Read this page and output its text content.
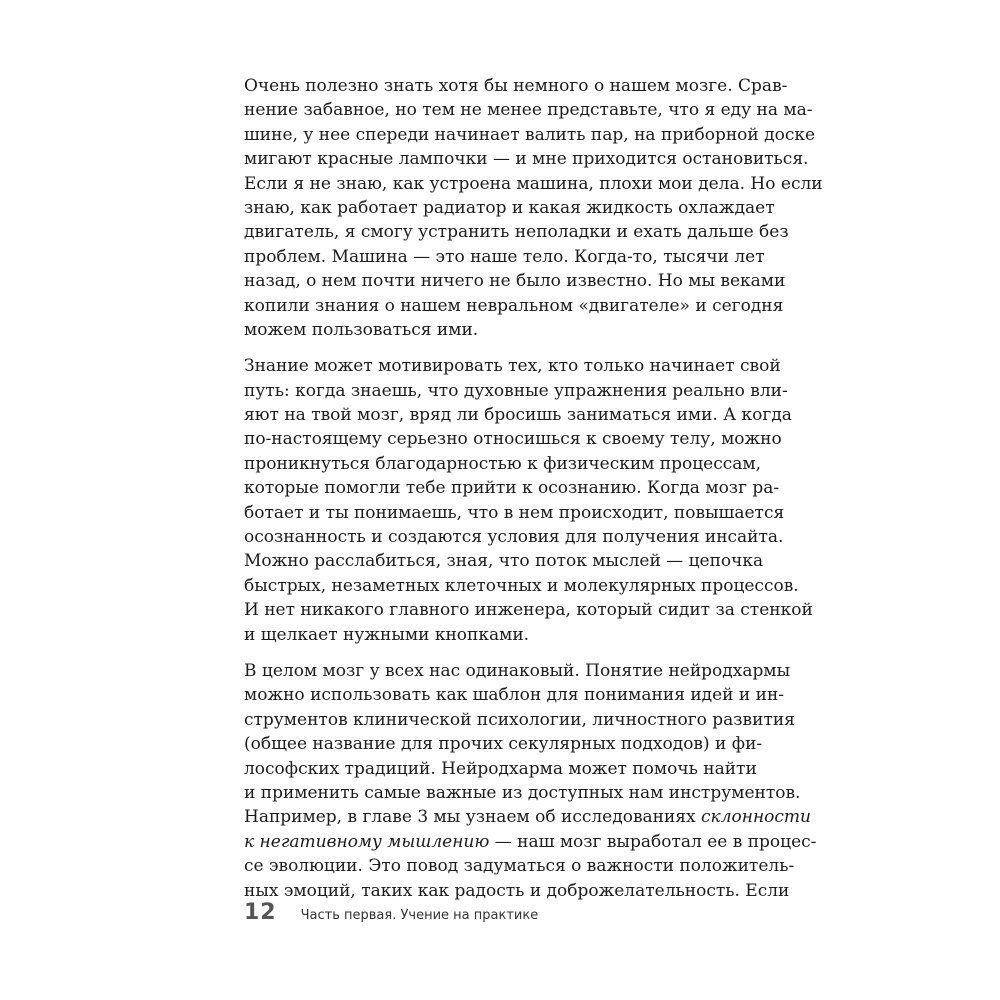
Очень полезно знать хотя бы немного о нашем мозге. Срав-
нение забавное, но тем не менее представьте, что я еду на ма-
шине, у нее спереди начинает валить пар, на приборной доске
мигают красные лампочки — и мне приходится остановиться.
Если я не знаю, как устроена машина, плохи мои дела. Но если
знаю, как работает радиатор и какая жидкость охлаждает
двигатель, я смогу устранить неполадки и ехать дальше без
проблем. Машина — это наше тело. Когда-то, тысячи лет
назад, о нем почти ничего не было известно. Но мы веками
копили знания о нашем невральном «двигателе» и сегодня
можем пользоваться ими.

Знание может мотивировать тех, кто только начинает свой
путь: когда знаешь, что духовные упражнения реально вли-
яют на твой мозг, вряд ли бросишь заниматься ими. А когда
по-настоящему серьезно относишься к своему телу, можно
проникнуться благодарностью к физическим процессам,
которые помогли тебе прийти к осознанию. Когда мозг ра-
ботает и ты понимаешь, что в нем происходит, повышается
осознанность и создаются условия для получения инсайта.
Можно расслабиться, зная, что поток мыслей — цепочка
быстрых, незаметных клеточных и молекулярных процессов.
И нет никакого главного инженера, который сидит за стенкой
и щелкает нужными кнопками.

В целом мозг у всех нас одинаковый. Понятие нейродхармы
можно использовать как шаблон для понимания идей и ин-
струментов клинической психологии, личностного развития
(общее название для прочих секулярных подходов) и фи-
лософских традиций. Нейродхарма может помочь найти
и применить самые важные из доступных нам инструментов.
Например, в главе 3 мы узнаем об исследованиях склонности
к негативному мышлению — наш мозг выработал ее в процес-
се эволюции. Это повод задуматься о важности положитель-
ных эмоций, таких как радость и доброжелательность. Если

12 Часть первая. Учение на практике
